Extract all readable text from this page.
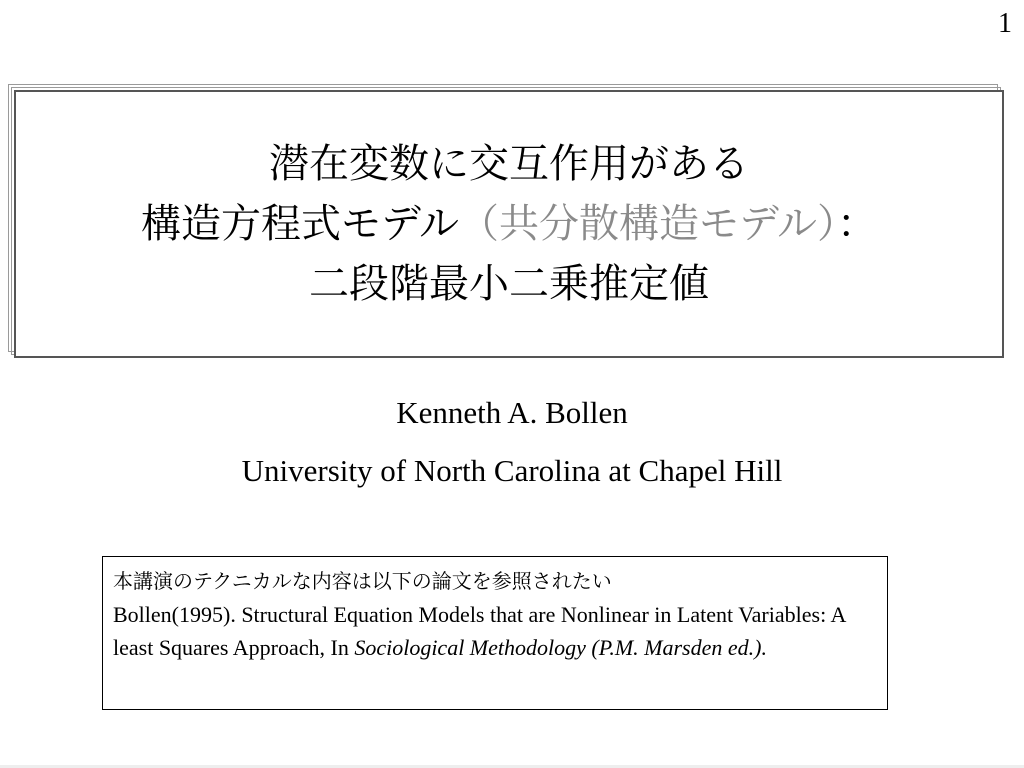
1
潜在変数に交互作用がある
構造方程式モデル（共分散構造モデル）：
二段階最小二乗推定値
Kenneth A. Bollen
University of North Carolina at Chapel Hill
本講演のテクニカルな内容は以下の論文を参照されたい
Bollen(1995). Structural Equation Models that are Nonlinear in Latent Variables: A least Squares Approach, In Sociological Methodology (P.M. Marsden ed.).
